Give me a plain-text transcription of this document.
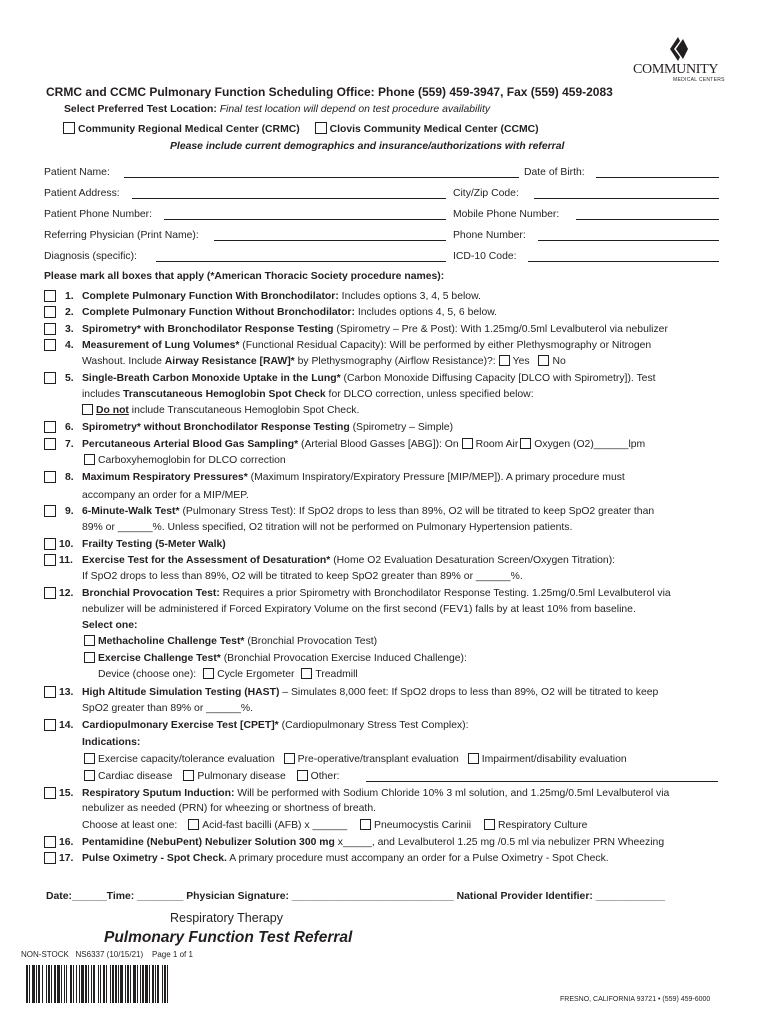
COMMUNITY
MEDICAL CENTERS
CRMC and CCMC Pulmonary Function Scheduling Office: Phone (559) 459-3947, Fax (559) 459-2083
Select Preferred Test Location: Final test location will depend on test procedure availability
Community Regional Medical Center (CRMC)	Clovis Community Medical Center (CCMC)
Please include current demographics and insurance/authorizations with referral
Patient Name:	Date of Birth:
Patient Address:	City/Zip Code:
Patient Phone Number:	Mobile Phone Number:
Referring Physician (Print Name):	Phone Number:
Diagnosis (specific):	ICD-10 Code:
Please mark all boxes that apply (*American Thoracic Society procedure names):
1. Complete Pulmonary Function With Bronchodilator: Includes options 3, 4, 5 below.
2. Complete Pulmonary Function Without Bronchodilator: Includes options 4, 5, 6 below.
3. Spirometry* with Bronchodilator Response Testing (Spirometry – Pre & Post): With 1.25mg/0.5ml Levalbuterol via nebulizer
4. Measurement of Lung Volumes* (Functional Residual Capacity): Will be performed by either Plethysmography or Nitrogen
Washout. Include Airway Resistance [RAW]* by Plethysmography (Airflow Resistance)?: Yes No
5. Single-Breath Carbon Monoxide Uptake in the Lung* (Carbon Monoxide Diffusing Capacity [DLCO with Spirometry]). Test
includes Transcutaneous Hemoglobin Spot Check for DLCO correction, unless specified below:
Do not include Transcutaneous Hemoglobin Spot Check.
6. Spirometry* without Bronchodilator Response Testing (Spirometry – Simple)
7. Percutaneous Arterial Blood Gas Sampling* (Arterial Blood Gasses [ABG]): On Room Air Oxygen (O2)______lpm
Carboxyhemoglobin for DLCO correction
8. Maximum Respiratory Pressures* (Maximum Inspiratory/Expiratory Pressure [MIP/MEP]). A primary procedure must
accompany an order for a MIP/MEP.
9. 6-Minute-Walk Test* (Pulmonary Stress Test): If SpO2 drops to less than 89%, O2 will be titrated to keep SpO2 greater than
89% or ______%. Unless specified, O2 titration will not be performed on Pulmonary Hypertension patients.
10. Frailty Testing (5-Meter Walk)
11. Exercise Test for the Assessment of Desaturation* (Home O2 Evaluation Desaturation Screen/Oxygen Titration):
If SpO2 drops to less than 89%, O2 will be titrated to keep SpO2 greater than 89% or ______%.
12. Bronchial Provocation Test: Requires a prior Spirometry with Bronchodilator Response Testing. 1.25mg/0.5ml Levalbuterol via
nebulizer will be administered if Forced Expiratory Volume on the first second (FEV1) falls by at least 10% from baseline.
Select one:
Methacholine Challenge Test* (Bronchial Provocation Test)
Exercise Challenge Test* (Bronchial Provocation Exercise Induced Challenge):
Device (choose one): Cycle Ergometer Treadmill
13. High Altitude Simulation Testing (HAST) – Simulates 8,000 feet: If SpO2 drops to less than 89%, O2 will be titrated to keep
SpO2 greater than 89% or ______%.
14. Cardiopulmonary Exercise Test [CPET]* (Cardiopulmonary Stress Test Complex):
Indications:
Exercise capacity/tolerance evaluation Pre-operative/transplant evaluation Impairment/disability evaluation
Cardiac disease Pulmonary disease Other:
15. Respiratory Sputum Induction: Will be performed with Sodium Chloride 10% 3 ml solution, and 1.25mg/0.5ml Levalbuterol via
nebulizer as needed (PRN) for wheezing or shortness of breath.
Choose at least one: Acid-fast bacilli (AFB) x ______	Pneumocystis Carinii	Respiratory Culture
16. Pentamidine (NebuPent) Nebulizer Solution 300 mg x_____, and Levalbuterol 1.25 mg /0.5 ml via nebulizer PRN Wheezing
17. Pulse Oximetry - Spot Check. A primary procedure must accompany an order for a Pulse Oximetry - Spot Check.
Date:______Time: ________ Physician Signature: ____________________________ National Provider Identifier: ____________
Respiratory Therapy
Pulmonary Function Test Referral
NON-STOCK   NS6337 (10/15/21)    Page 1 of 1
FRESNO, CALIFORNIA 93721 • (559) 459-6000
